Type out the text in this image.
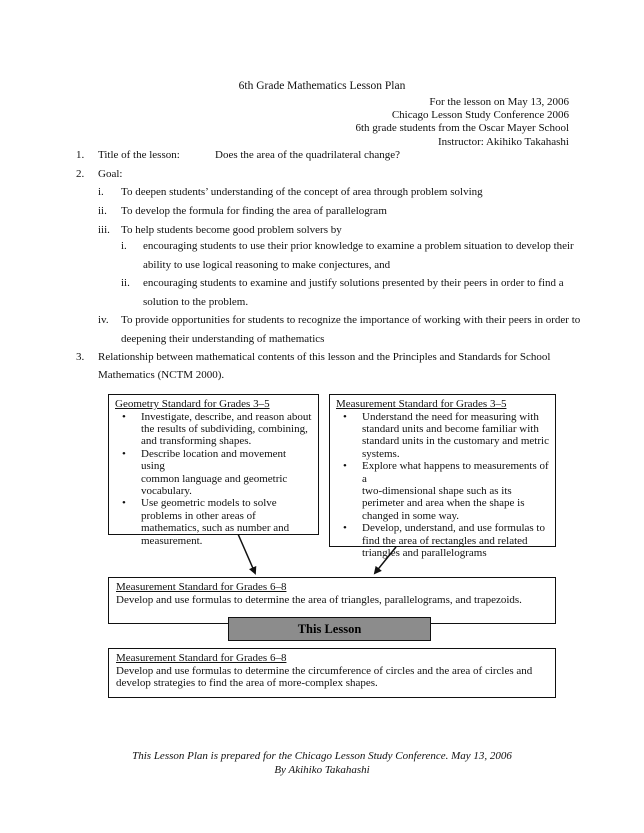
6th Grade Mathematics Lesson Plan
For the lesson on May 13, 2006
Chicago Lesson Study Conference 2006
6th grade students from the Oscar Mayer School
Instructor: Akihiko Takahashi
1. Title of the lesson:	Does the area of the quadrilateral change?
2. Goal:
i. To deepen students’ understanding of the concept of area through problem solving
ii. To develop the formula for finding the area of parallelogram
iii. To help students become good problem solvers by
i. encouraging students to use their prior knowledge to examine a problem situation to develop their
ability to use logical reasoning to make conjectures, and
ii. encouraging students to examine and justify solutions presented by their peers in order to find a
solution to the problem.
iv. To provide opportunities for students to recognize the importance of working with their peers in order to
deepening their understanding of mathematics
3. Relationship between mathematical contents of this lesson and the Principles and Standards for School
Mathematics (NCTM 2000).
Geometry Standard for Grades 3–5
• Investigate, describe, and reason about
the results of subdividing, combining,
and transforming shapes.
• Describe location and movement using
common language and geometric
vocabulary.
• Use geometric models to solve
problems in other areas of
mathematics, such as number and
measurement.
Measurement Standard for Grades 3–5
• Understand the need for measuring with
standard units and become familiar with
standard units in the customary and metric
systems.
• Explore what happens to measurements of a
two-dimensional shape such as its
perimeter and area when the shape is
changed in some way.
• Develop, understand, and use formulas to
find the area of rectangles and related
triangles and parallelograms
Measurement Standard for Grades 6–8

Develop and use formulas to determine the area of triangles, parallelograms, and trapezoids.

This Lesson
Measurement Standard for Grades 6–8

Develop and use formulas to determine the circumference of circles and the area of circles and

develop strategies to find the area of more-complex shapes.

This Lesson Plan is prepared for the Chicago Lesson Study Conference. May 13, 2006
By Akihiko Takahashi
